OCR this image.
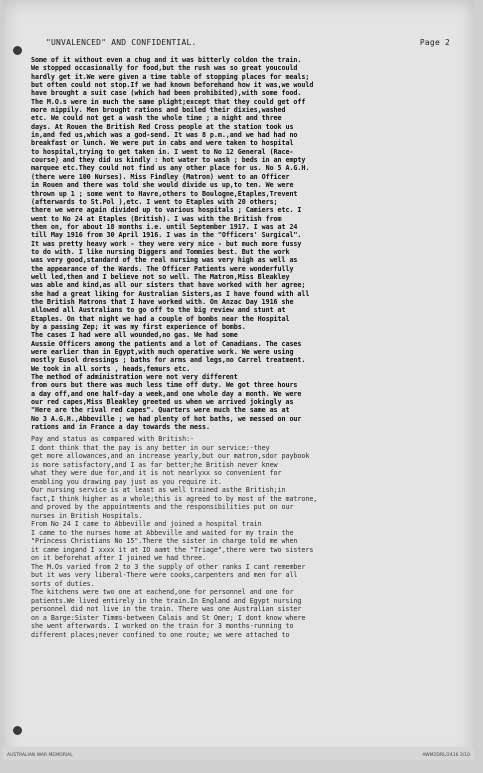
"UNVALENCED" AND CONFIDENTIAL.	Page 2
Some of it without even a chug and it was bitterly coldon the train.
We stopped occasionally for food,but the rush was so great youcould
hardly get it.We were given a time table of stopping places for meals;
but often could not stop.If we had known beforehand how it was,we would
have brought a suit case (which had been prohibited),with some food.
The M.O.s were in much the same plight;except that they could get off
more nippily. Men brought rations and boiled their dixies,washed
etc. We could not get a wash the whole time ; a night and three
days. At Rouen the British Red Cross people at the station took us
in,and fed us,which was a god-send. It was 8 p.m.,and we had had no
breakfast or lunch. We were put in cabs and were taken to hospital
to hospital,trying to get taken in. I went to No 12 General (Race-
course) and they did us kindly : hot water to wash ; beds in an empty
marquee etc.They could not find us any other place for us. No 5 A.G.H.
(there were 100 Nurses). Miss Findley (Matron) went to an Officer
in Rouen and there was told she would divide us up,to ten. We were
thrown up 1 ; some went to Havre,others to Boulogne,Etaples,Trevent
(afterwards to St.Pol ),etc. I went to Etaples with 20 others;
there we were again divided up to various hospitals ; Camiers etc. I
went to No 24 at Etaples (British). I was with the British from
then on, for about 18 months i.e. until September 1917. I was at 24
till May 1916 from 30 April 1916. I was in the "Officers' Surgical".
It was pretty heavy work - they were very nice - but much more fussy
to do with. I like nursing Diggers and Tommies best. But the work
was very good,standard of the real nursing was very high as well as
the appearance of the Wards. The Officer Patients were wonderfully
well led,then and I believe not so well. The Matron,Miss Bleakley
was able and kind,as all our sisters that have worked with her agree;
she had a great liking for Australian Sisters,as I have found with all
the British Matrons that I have worked with. On Anzac Day 1916 she
allowed all Australians to go off to the big review and stunt at
Etaples. On that night we had a couple of bombs near the Hospital
by a passing Zep; it was my first experience of bombs.
The cases I had were all wounded,no gas. We had some
Aussie Officers among the patients and a lot of Canadians. The cases
were earlier than in Egypt,with much operative work. We were using
mostly Eusol dressings ; baths for arms and legs,no Carrel treatment.
We took in all sorts , heads,femurs etc.
The method of administration were not very different
from ours but there was much less time off duty. We got three hours
a day off,and one half-day a week,and one whole day a month. We were
our red capes,Miss Bleakley greeted us when we arrived jokingly as
"Here are the rival red capes". Quarters were much the same as at
No 3 A.G.H.,Abbeville ; we had plenty of hot baths, we messed on our
rations and in France a day towards the mess.
Pay and status as compared with British:-
I dont think that the pay is any better in our service:-they
get more allowances,and an increase yearly,but our matron,sdor paybook
is more satisfactory,and I as far better;he British never knew
what they were due for,and it is not nearlyxx so convenient for
enabling you drawing pay just as you require it.
Our nursing service is at least as well trained asthe British;in
fact,I think higher as a whole;this is agreed to by most of the matrone,
and proved by the appointments and the responsibilities put on our
nurses in British Hospitals.
From No 24 I came to Abbeville and joined a hospital train
I came to the nurses home at Abbeville and waited for my train the
"Princess Christians No 15".There the sister in charge told me when
it came ingand I xxxx it at IO aamt the "Triage",there were two sisters
on it beforehat after I joined we had three.
The M.Os varied from 2 to 3 the supply of other ranks I cant remember
but it was very liberal-There were cooks,carpenters and men for all
sorts of duties.
The kitchens were two one at eachend,one for personnel and one for
patients.We lived entirely in the train.In England and Egypt nursing
personnel did not live in the train. There was one Australian sister
on a Barge:Sister Timms-between Calais and St Omer; I dont know where
she went afterwards. I worked on the train for 3 months-running to
different places;never confined to one route; we were attached to
AUSTRALIAN WAR MEMORIAL	AWM2DRL/2416 2/10
